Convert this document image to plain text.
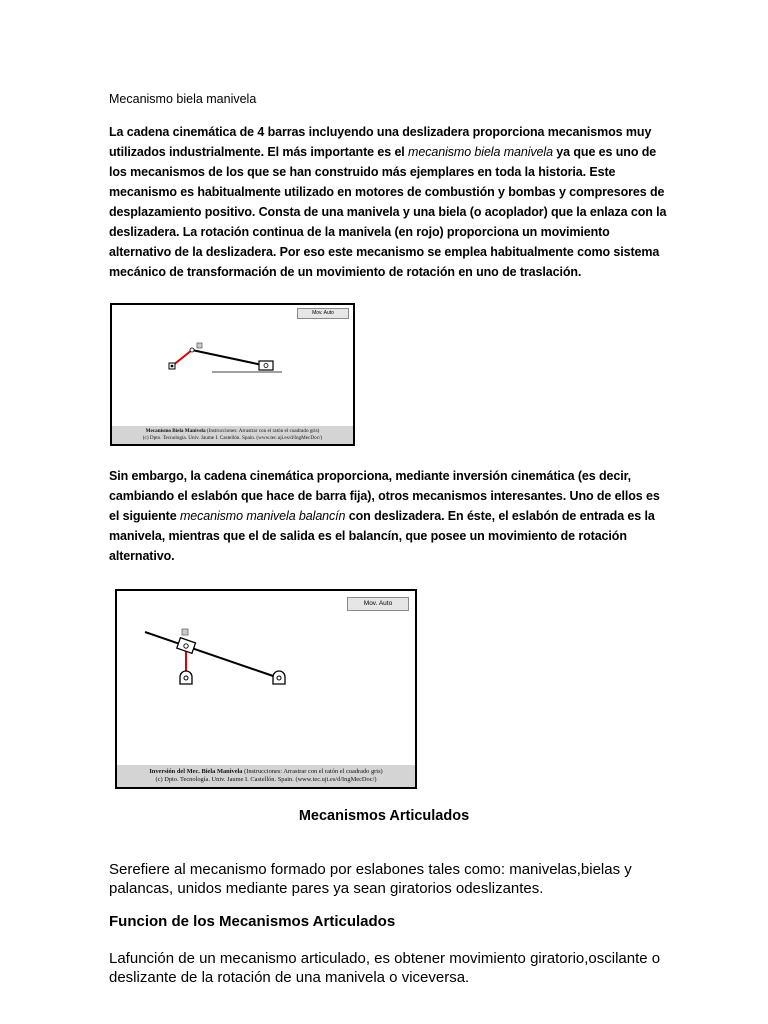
Mecanismo biela manivela
La cadena cinemática de 4 barras incluyendo una deslizadera proporciona mecanismos muy utilizados industrialmente. El más importante es el mecanismo biela manivela ya que es uno de los mecanismos de los que se han construido más ejemplares en toda la historia. Este mecanismo es habitualmente utilizado en motores de combustión y bombas y compresores de desplazamiento positivo. Consta de una manivela y una biela (o acoplador) que la enlaza con la deslizadera. La rotación continua de la manivela (en rojo) proporciona un movimiento alternativo de la deslizadera. Por eso este mecanismo se emplea habitualmente como sistema mecánico de transformación de un movimiento de rotación en uno de traslación.
Mov. Auto
Mecanismo Biela Manivela (Instrucciones: Arrastrar con el ratón el cuadrado gris)
(c) Dpto. Tecnología. Univ. Jaume I. Castellón. Spain. (www.tec.uji.es/d/IngMecDoc/)
Sin embargo, la cadena cinemática proporciona, mediante inversión cinemática (es decir, cambiando el eslabón que hace de barra fija), otros mecanismos interesantes. Uno de ellos es el siguiente mecanismo manivela balancín con deslizadera. En éste, el eslabón de entrada es la manivela, mientras que el de salida es el balancín, que posee un movimiento de rotación alternativo.
Mov. Auto
Inversión del Mec. Biela Manivela (Instrucciones: Arrastrar con el ratón el cuadrado gris)
(c) Dpto. Tecnología. Univ. Jaume I. Castellón. Spain. (www.tec.uji.es/d/IngMecDoc/)
Mecanismos Articulados
Serefiere al mecanismo formado por eslabones tales como: manivelas,bielas y palancas, unidos mediante pares ya sean giratorios odeslizantes.
Funcion de los Mecanismos Articulados
Lafunción de un mecanismo articulado, es obtener movimiento giratorio,oscilante o deslizante de la rotación de una manivela o viceversa.
